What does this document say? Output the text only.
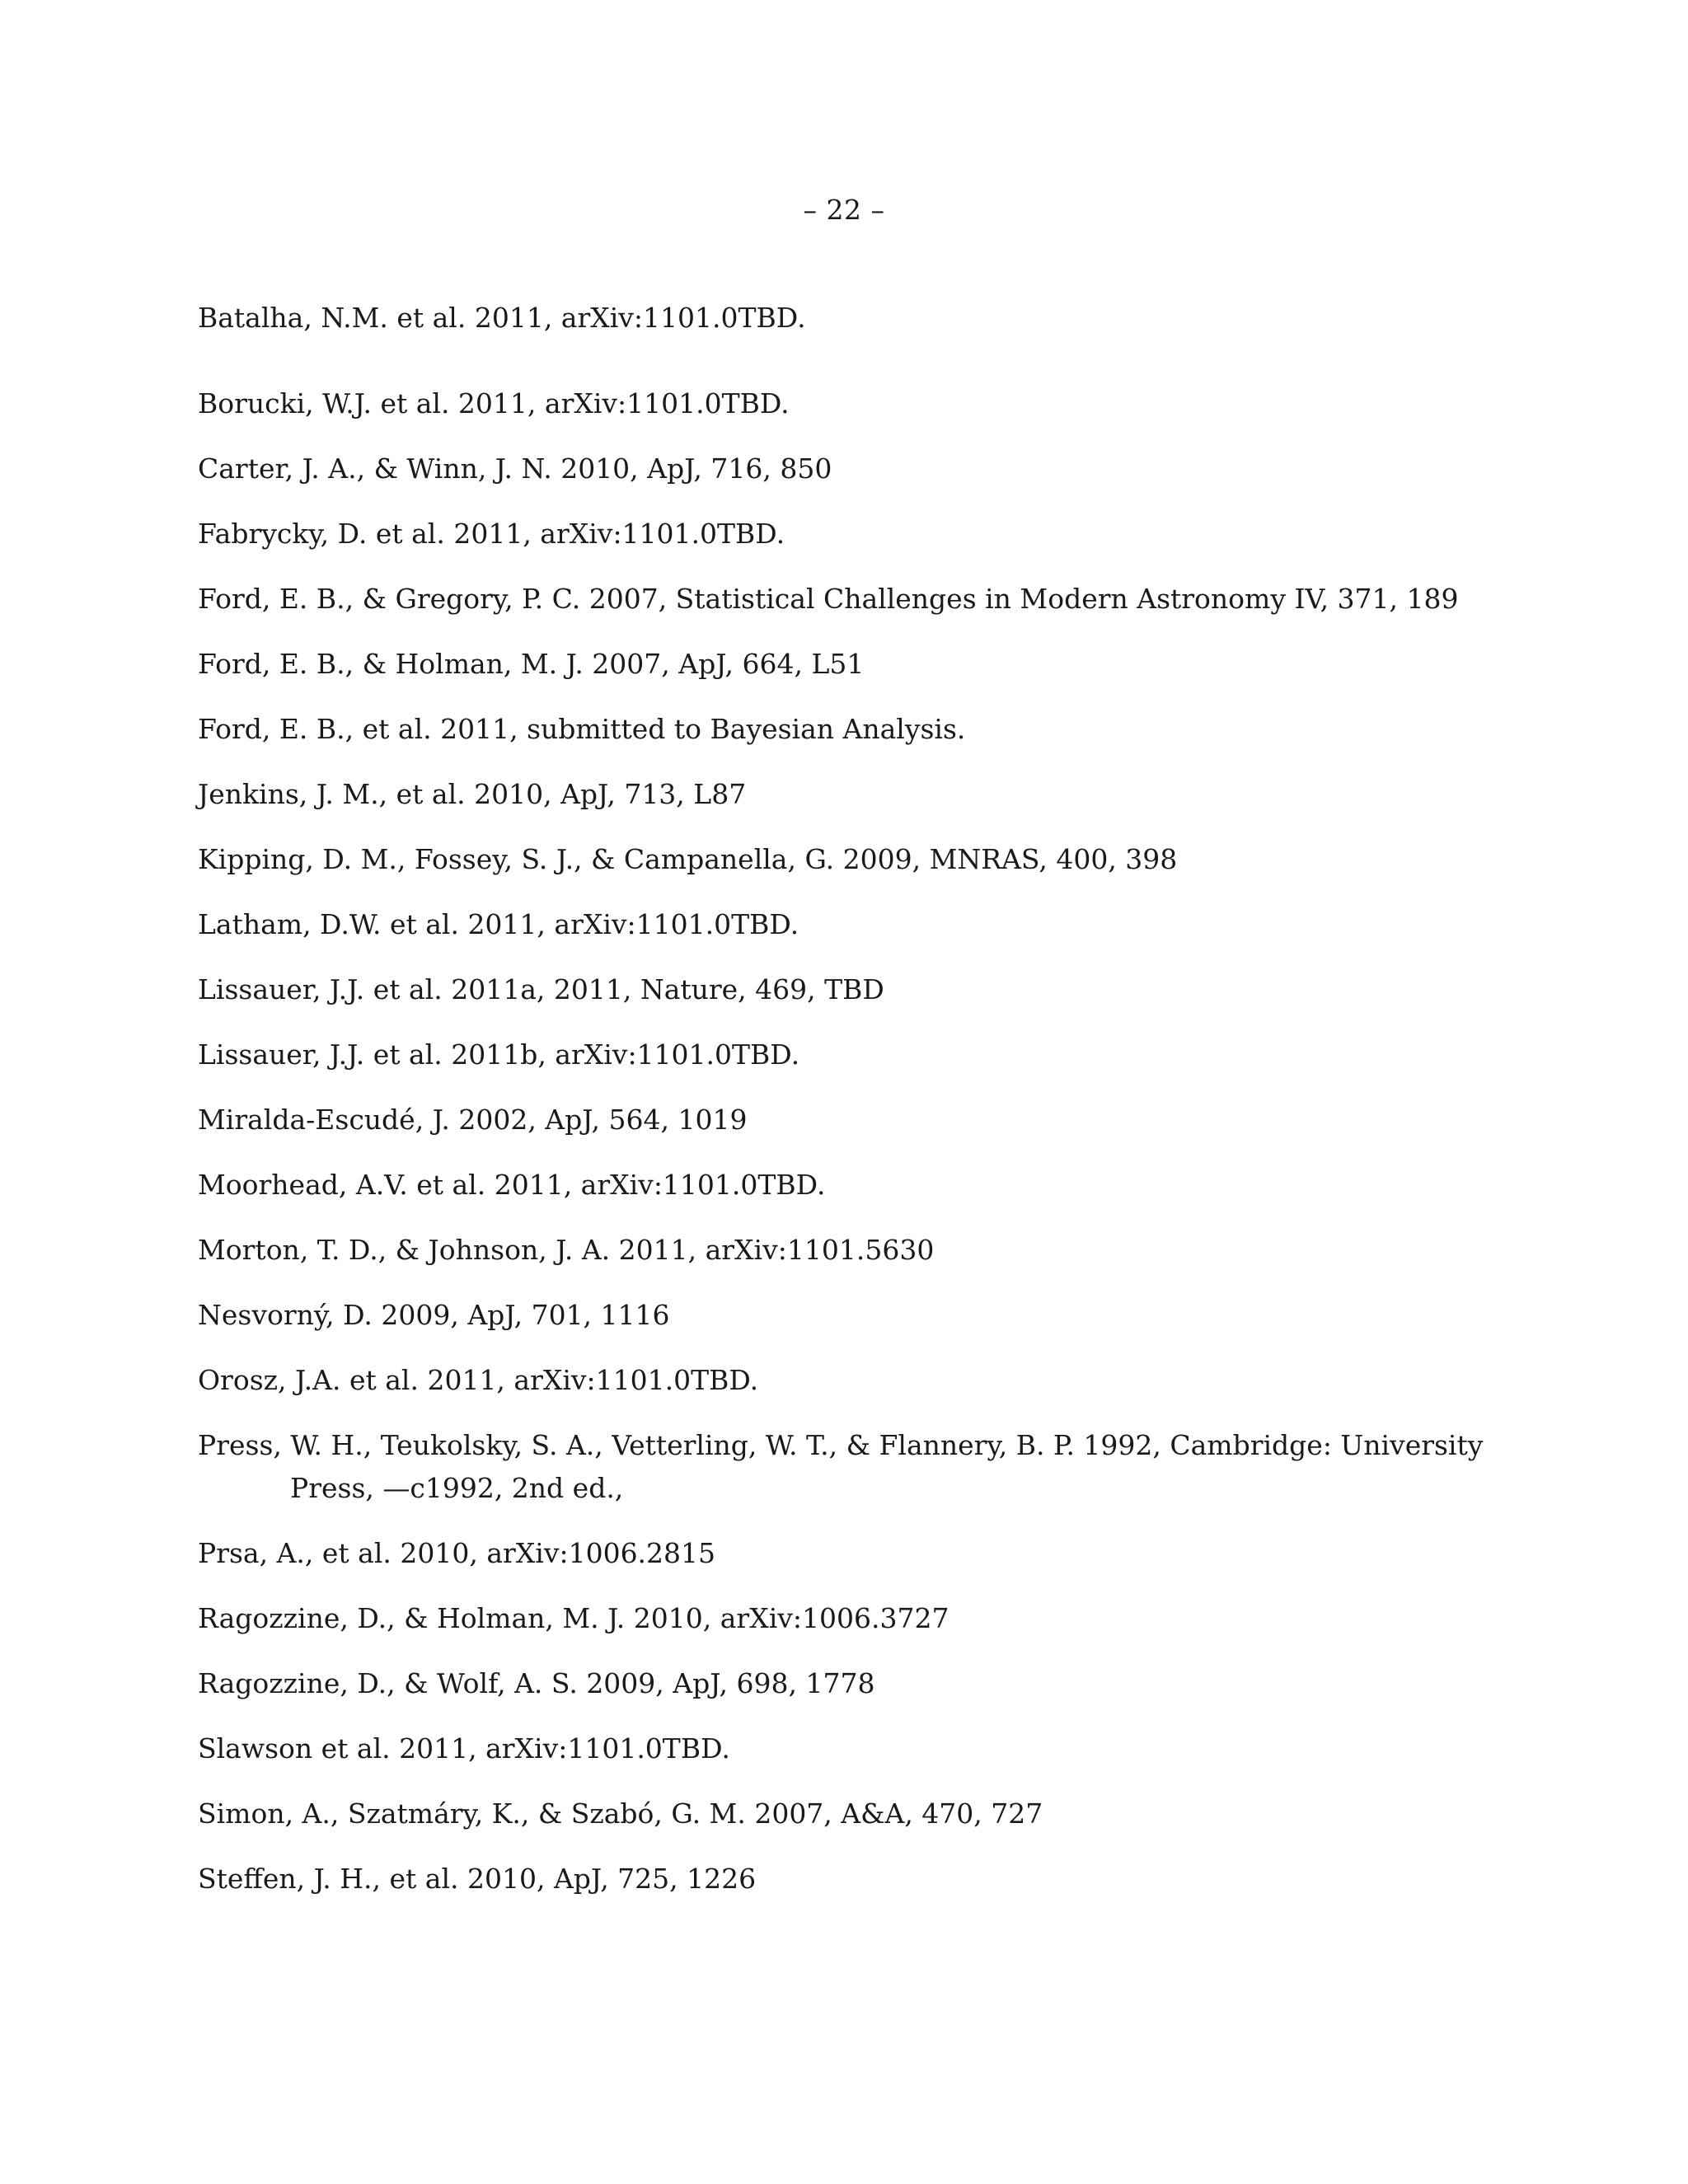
– 22 –
Batalha, N.M. et al. 2011, arXiv:1101.0TBD.
Borucki, W.J. et al. 2011, arXiv:1101.0TBD.
Carter, J. A., & Winn, J. N. 2010, ApJ, 716, 850
Fabrycky, D. et al. 2011, arXiv:1101.0TBD.
Ford, E. B., & Gregory, P. C. 2007, Statistical Challenges in Modern Astronomy IV, 371, 189
Ford, E. B., & Holman, M. J. 2007, ApJ, 664, L51
Ford, E. B., et al. 2011, submitted to Bayesian Analysis.
Jenkins, J. M., et al. 2010, ApJ, 713, L87
Kipping, D. M., Fossey, S. J., & Campanella, G. 2009, MNRAS, 400, 398
Latham, D.W. et al. 2011, arXiv:1101.0TBD.
Lissauer, J.J. et al. 2011a, 2011, Nature, 469, TBD
Lissauer, J.J. et al. 2011b, arXiv:1101.0TBD.
Miralda-Escudé, J. 2002, ApJ, 564, 1019
Moorhead, A.V. et al. 2011, arXiv:1101.0TBD.
Morton, T. D., & Johnson, J. A. 2011, arXiv:1101.5630
Nesvorný, D. 2009, ApJ, 701, 1116
Orosz, J.A. et al. 2011, arXiv:1101.0TBD.
Press, W. H., Teukolsky, S. A., Vetterling, W. T., & Flannery, B. P. 1992, Cambridge: University Press, —c1992, 2nd ed.,
Prsa, A., et al. 2010, arXiv:1006.2815
Ragozzine, D., & Holman, M. J. 2010, arXiv:1006.3727
Ragozzine, D., & Wolf, A. S. 2009, ApJ, 698, 1778
Slawson et al. 2011, arXiv:1101.0TBD.
Simon, A., Szatmáry, K., & Szabó, G. M. 2007, A&A, 470, 727
Steffen, J. H., et al. 2010, ApJ, 725, 1226
